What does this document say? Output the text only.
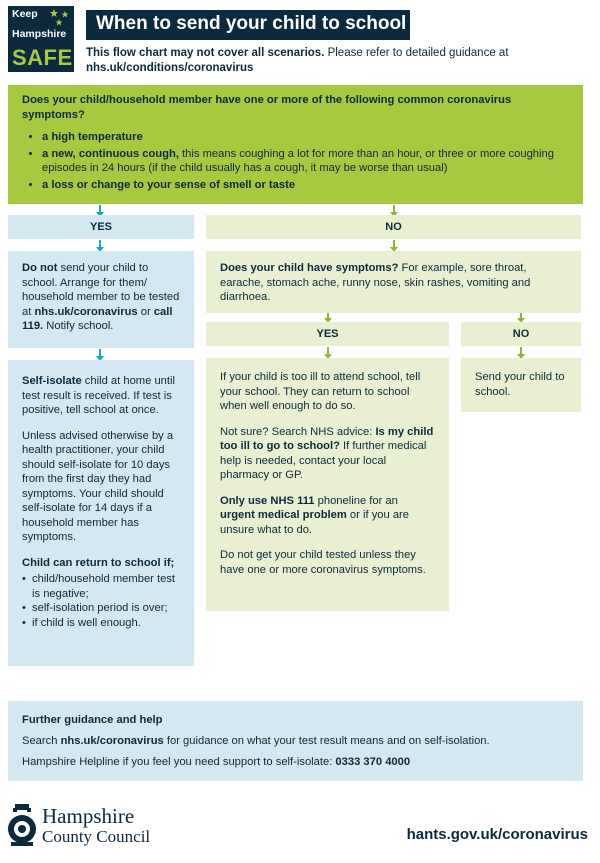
Keep
Hampshire
SAFE
When to send your child to school
This flow chart may not cover all scenarios. Please refer to detailed guidance at
nhs.uk/conditions/coronavirus
Does your child/household member have one or more of the following common coronavirus symptoms?
• a high temperature
• a new, continuous cough, this means coughing a lot for more than an hour, or three or more coughing episodes in 24 hours (if the child usually has a cough, it may be worse than usual)
• a loss or change to your sense of smell or taste
YES
Do not send your child to school. Arrange for them/ household member to be tested at nhs.uk/coronavirus or call 119. Notify school.

Self-isolate child at home until test result is received. If test is positive, tell school at once.

Unless advised otherwise by a health practitioner, your child should self-isolate for 10 days from the first day they had symptoms. Your child should self-isolate for 14 days if a household member has symptoms.

Child can return to school if;

• child/household member test is negative;
• self-isolation period is over;
• if child is well enough.
NO
Does your child have symptoms? For example, sore throat, earache, stomach ache, runny nose, skin rashes, vomiting and diarrhoea.
YES	NO

If your child is too ill to attend school, tell your school. They can return to school when well enough to do so.

Not sure? Search NHS advice: Is my child too ill to go to school? If further medical help is needed, contact your local pharmacy or GP.

Only use NHS 111 phoneline for an urgent medical problem or if you are unsure what to do.

Do not get your child tested unless they have one or more coronavirus symptoms.

Send your child to school.

Further guidance and help

Search nhs.uk/coronavirus for guidance on what your test result means and on self-isolation.

Hampshire Helpline if you feel you need support to self-isolate: 0333 370 4000

Hampshire
County Council	hants.gov.uk/coronavirus
